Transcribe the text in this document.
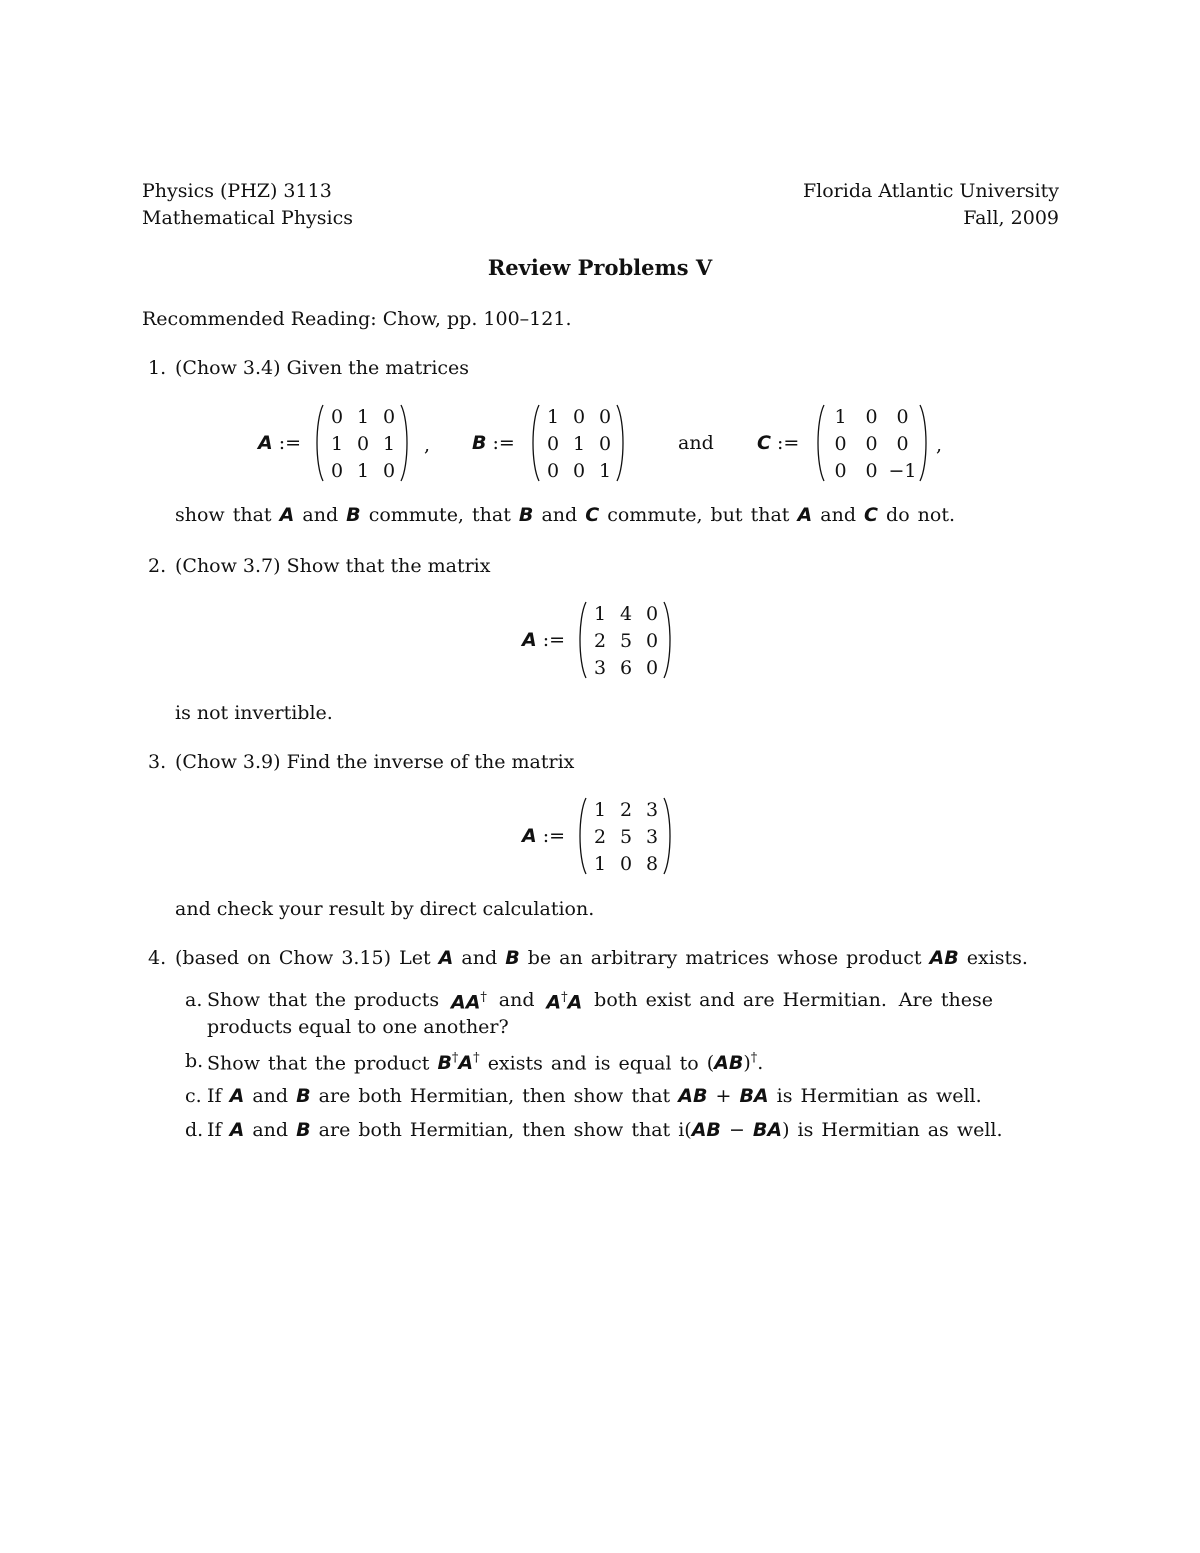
Physics (PHZ) 3113
Mathematical Physics
Florida Atlantic University
Fall, 2009
Review Problems V
Recommended Reading: Chow, pp. 100–121.
1. (Chow 3.4) Given the matrices
A :=
0 1 0
1 0 1
0 1 0
, B :=
1 0 0
0 1 0
0 0 1
and C :=
1 0 0
0 0 0
0 0 −1
,
show that A and B commute, that B and C commute, but that A and C do not.
2. (Chow 3.7) Show that the matrix
A :=
1 4 0
2 5 0
3 6 0
is not invertible.
3. (Chow 3.9) Find the inverse of the matrix
A :=
1 2 3
2 5 3
1 0 8
and check your result by direct calculation.
4. (based on Chow 3.15) Let A and B be an arbitrary matrices whose product AB exists.
a. Show that the products AA† and A†A both exist and are Hermitian. Are these
products equal to one another?
b. Show that the product B†A† exists and is equal to (AB)†.
c. If A and B are both Hermitian, then show that AB + BA is Hermitian as well.
d. If A and B are both Hermitian, then show that i(AB − BA) is Hermitian as well.
